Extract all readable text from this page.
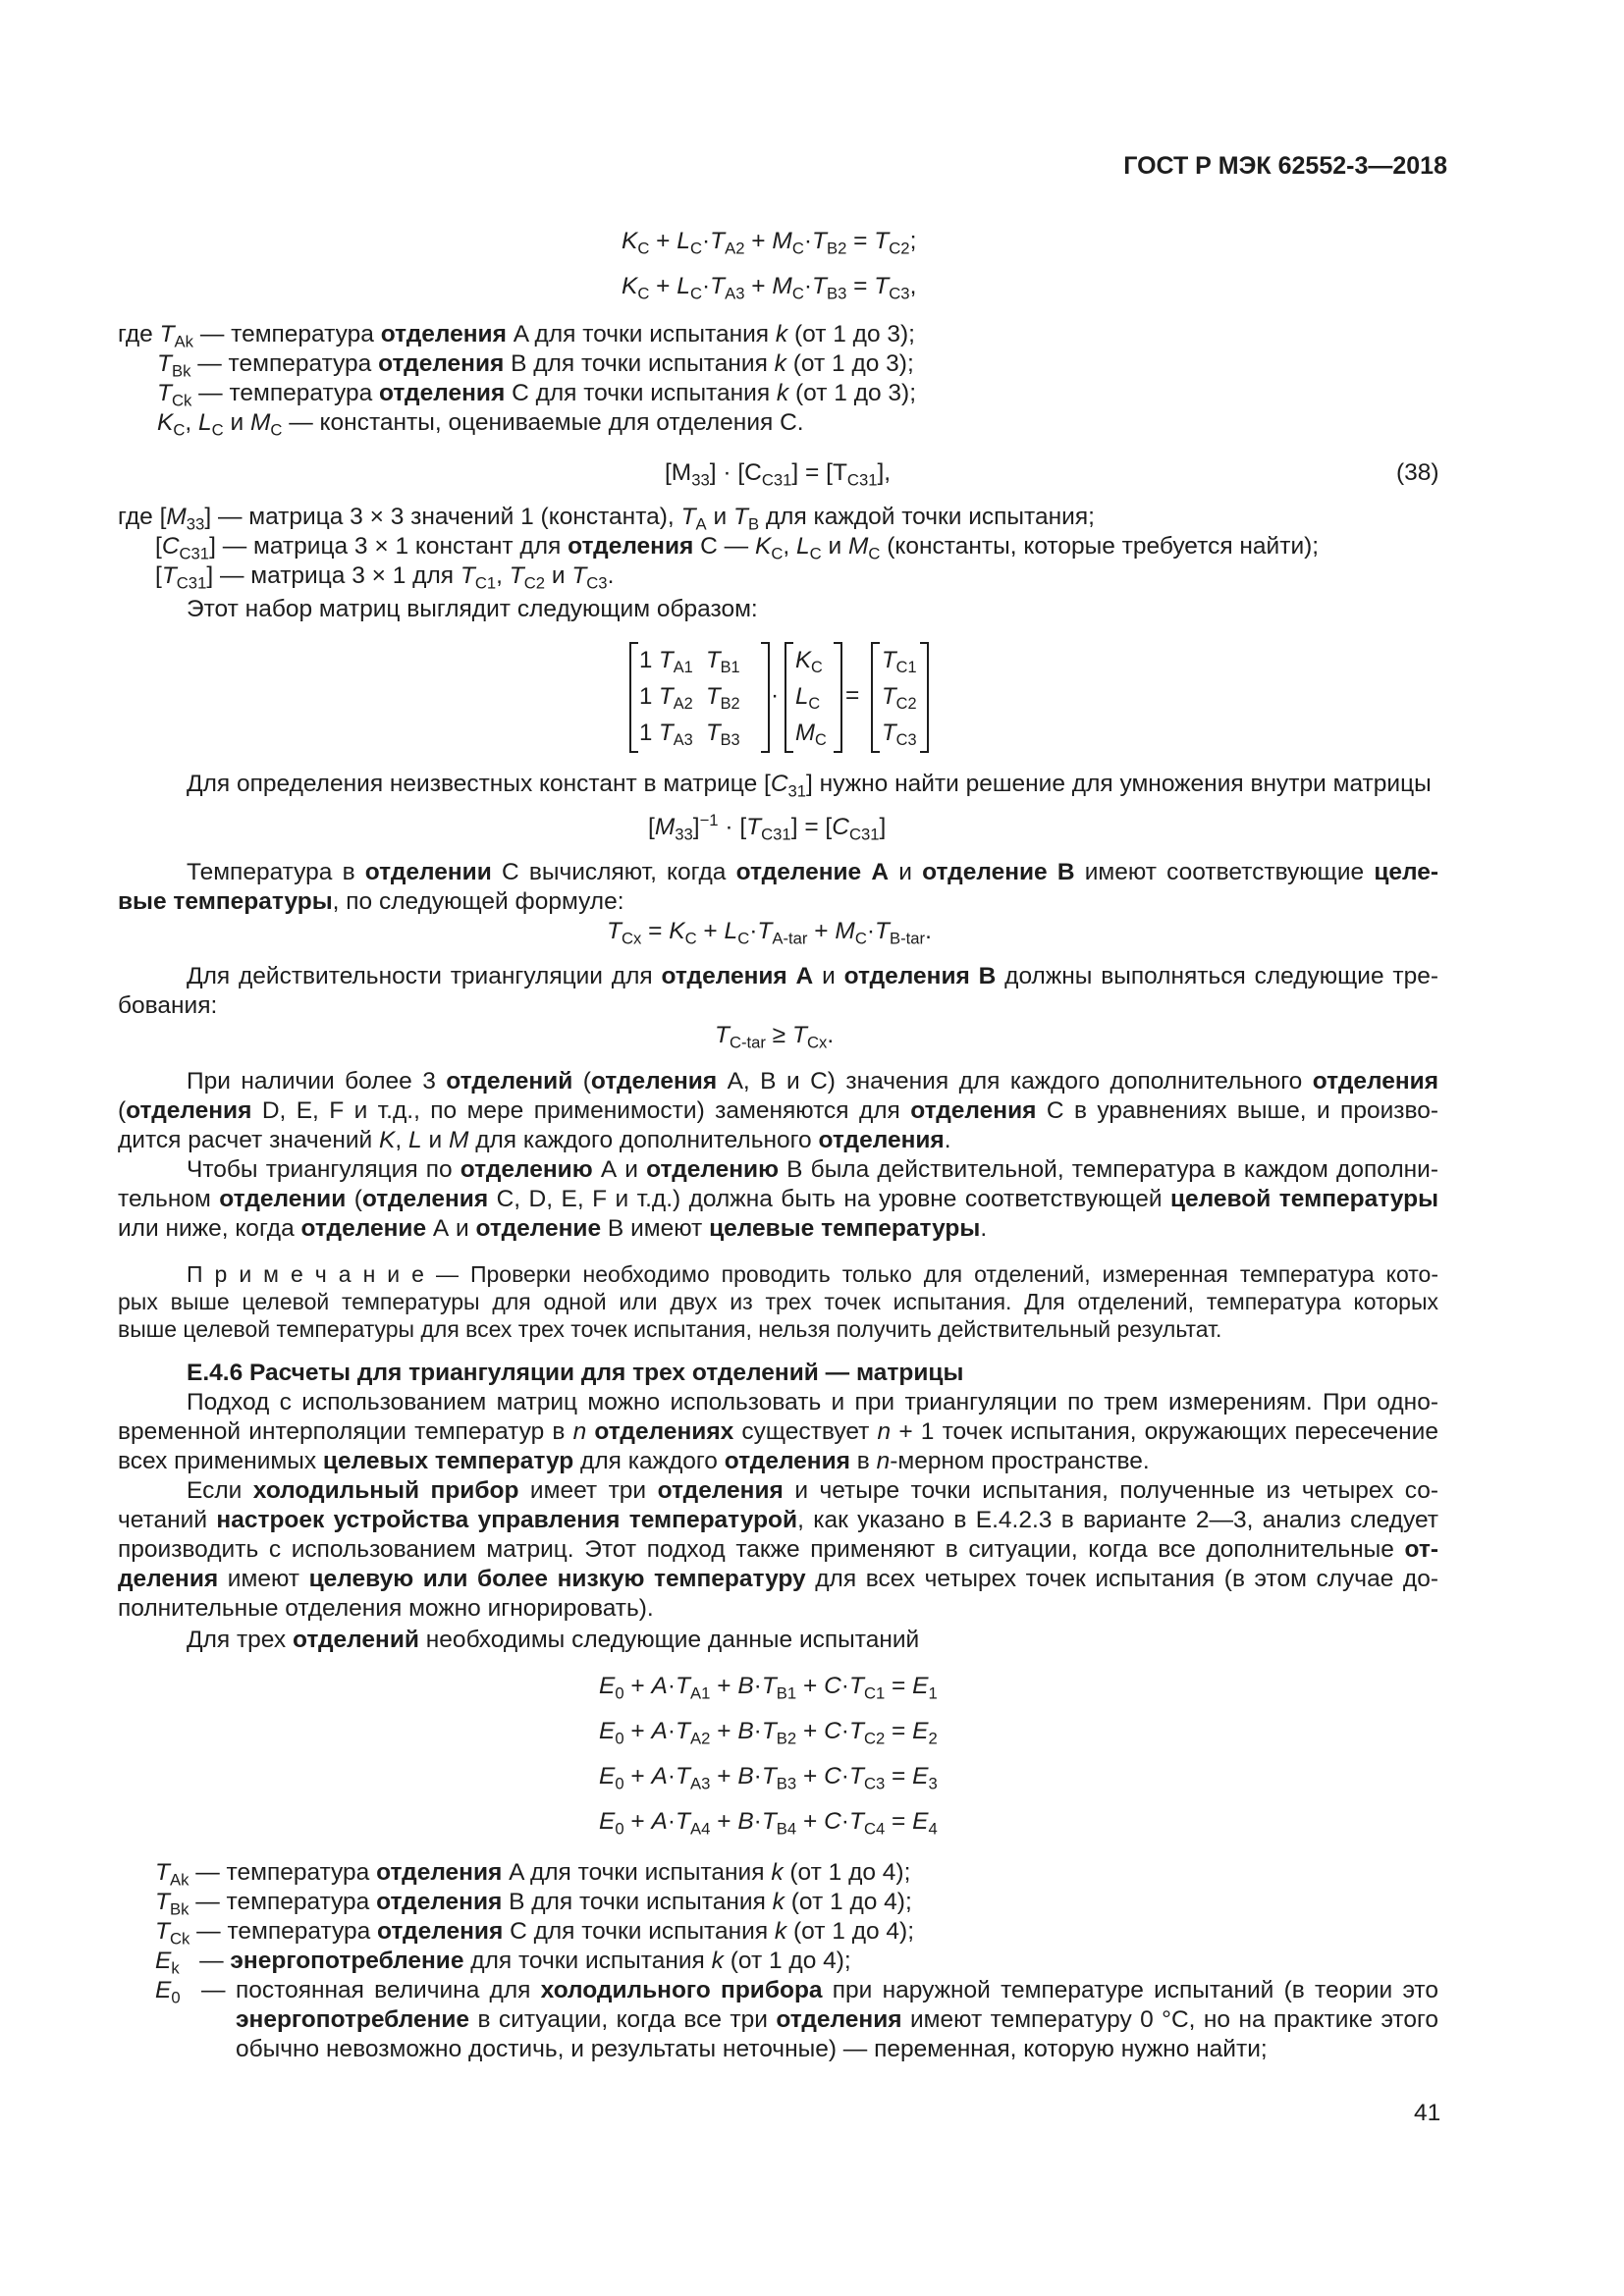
ГОСТ Р МЭК 62552-3—2018
$K_C + L_C\cdot T_{A2} + M_C\cdot T_{B2} = T_{C2}$;
$K_C + L_C\cdot T_{A3} + M_C\cdot T_{B3} = T_{C3}$,
где $T_{Ak}$ — температура отделения A для точки испытания k (от 1 до 3);
$T_{Bk}$ — температура отделения B для точки испытания k (от 1 до 3);
$T_{Ck}$ — температура отделения C для точки испытания k (от 1 до 3);
$K_C$, $L_C$ и $M_C$ — константы, оцениваемые для отделения С.
$[M_{33}] \cdot [C_{C31}] = [T_{C31}]$,	(38)
где $[M_{33}]$ — матрица 3 × 3 значений 1 (константа), $T_A$ и $T_B$ для каждой точки испытания;
$[C_{C31}]$ — матрица 3 × 1 констант для отделения С — $K_C$, $L_C$ и $M_C$ (константы, которые требуется найти);
$[T_{C31}]$ — матрица 3 × 1 для $T_{C1}$, $T_{C2}$ и $T_{C3}$.
Этот набор матриц выглядит следующим образом:
1 $T_{A1}$ $T_{B1}$
1 $T_{A2}$ $T_{B2}$
1 $T_{A3}$ $T_{B3}$
·
$K_C$
$L_C$
$M_C$
=
$T_{C1}$
$T_{C2}$
$T_{C3}$
Для определения неизвестных констант в матрице $[C_{31}]$ нужно найти решение для умножения внутри матрицы
$[M_{33}]^{-1} \cdot [T_{C31}] = [C_{C31}]$
Температура в отделении С вычисляют, когда отделение А и отделение В имеют соответствующие целе-
вые температуры, по следующей формуле:
$T_{Cx} = K_C + L_C\cdot T_{A-tar} + M_C\cdot T_{B-tar}$.
Для действительности триангуляции для отделения А и отделения В должны выполняться следующие тре-
бования:
$T_{C-tar} \ge T_{Cx}$.
При наличии более 3 отделений (отделения А, В и С) значения для каждого дополнительного отделения
(отделения D, E, F и т.д., по мере применимости) заменяются для отделения С в уравнениях выше, и произво-
дится расчет значений K, L и M для каждого дополнительного отделения.
Чтобы триангуляция по отделению А и отделению В была действительной, температура в каждом дополни-
тельном отделении (отделения С, D, E, F и т.д.) должна быть на уровне соответствующей целевой температуры
или ниже, когда отделение А и отделение В имеют целевые температуры.
П р и м е ч а н и е — Проверки необходимо проводить только для отделений, измеренная температура кото-
рых выше целевой температуры для одной или двух из трех точек испытания. Для отделений, температура которых
выше целевой температуры для всех трех точек испытания, нельзя получить действительный результат.
Е.4.6 Расчеты для триангуляции для трех отделений — матрицы
Подход с использованием матриц можно использовать и при триангуляции по трем измерениям. При одно-
временной интерполяции температур в n отделениях существует n + 1 точек испытания, окружающих пересечение
всех применимых целевых температур для каждого отделения в n-мерном пространстве.
Если холодильный прибор имеет три отделения и четыре точки испытания, полученные из четырех со-
четаний настроек устройства управления температурой, как указано в Е.4.2.3 в варианте 2—3, анализ следует
производить с использованием матриц. Этот подход также применяют в ситуации, когда все дополнительные от-
деления имеют целевую или более низкую температуру для всех четырех точек испытания (в этом случае до-
полнительные отделения можно игнорировать).
Для трех отделений необходимы следующие данные испытаний
$E_0 + A\cdot T_{A1} + B\cdot T_{B1} + C\cdot T_{C1} = E_1$
$E_0 + A\cdot T_{A2} + B\cdot T_{B2} + C\cdot T_{C2} = E_2$
$E_0 + A\cdot T_{A3} + B\cdot T_{B3} + C\cdot T_{C3} = E_3$
$E_0 + A\cdot T_{A4} + B\cdot T_{B4} + C\cdot T_{C4} = E_4$
$T_{Ak}$ — температура отделения A для точки испытания k (от 1 до 4);
$T_{Bk}$ — температура отделения B для точки испытания k (от 1 до 4);
$T_{Ck}$ — температура отделения C для точки испытания k (от 1 до 4);
$E_k$ — энергопотребление для точки испытания k (от 1 до 4);
$E_0$ — постоянная величина для холодильного прибора при наружной температуре испытаний (в теории это
энергопотребление в ситуации, когда все три отделения имеют температуру 0 °С, но на практике этого
обычно невозможно достичь, и результаты неточные) — переменная, которую нужно найти;
41
